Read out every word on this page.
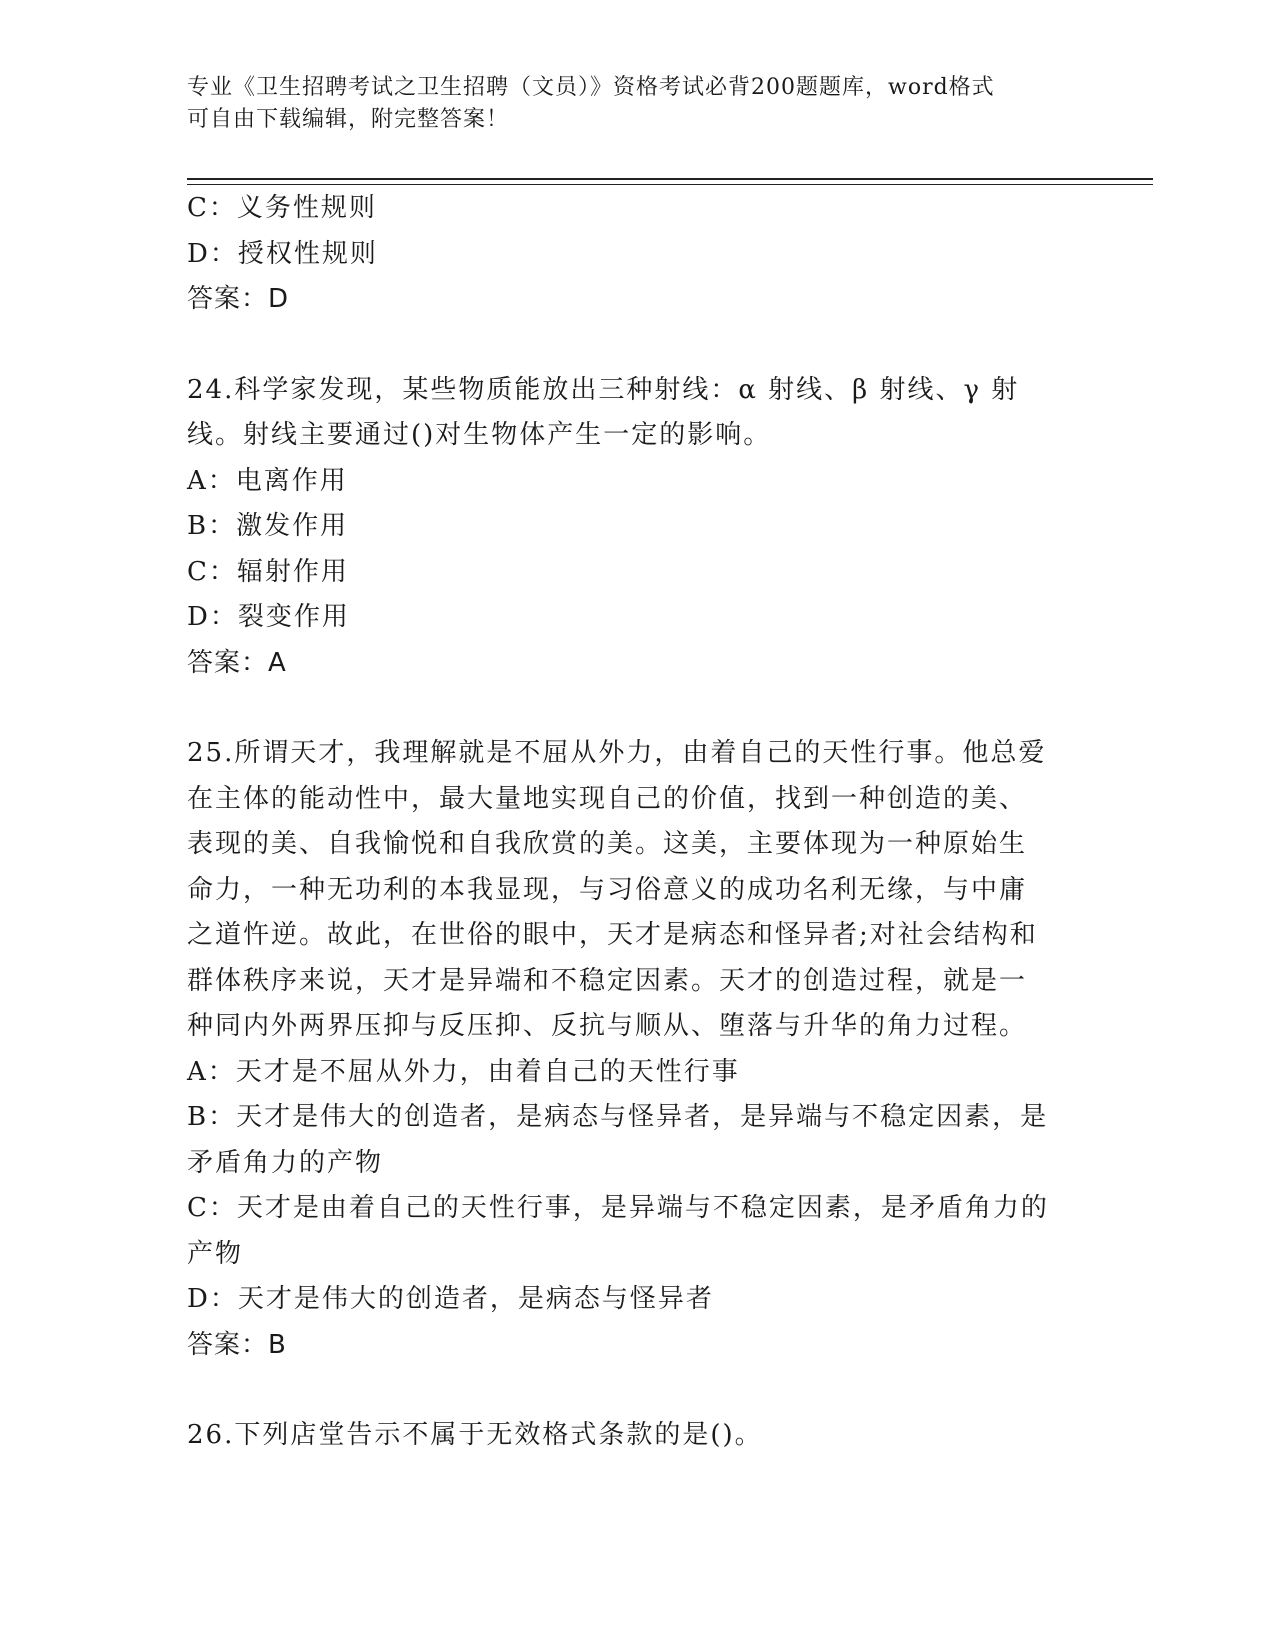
专业《卫生招聘考试之卫生招聘（文员）》资格考试必背200题题库，word格式
可自由下载编辑，附完整答案！

C：义务性规则

D：授权性规则

答案：D

24.科学家发现，某些物质能放出三种射线：α 射线、β 射线、γ 射

线。射线主要通过()对生物体产生一定的影响。

A：电离作用

B：激发作用

C：辐射作用

D：裂变作用

答案：A

25.所谓天才，我理解就是不屈从外力，由着自己的天性行事。他总爱

在主体的能动性中，最大量地实现自己的价值，找到一种创造的美、

表现的美、自我愉悦和自我欣赏的美。这美，主要体现为一种原始生

命力，一种无功利的本我显现，与习俗意义的成功名利无缘，与中庸

之道忤逆。故此，在世俗的眼中，天才是病态和怪异者;对社会结构和

群体秩序来说，天才是异端和不稳定因素。天才的创造过程，就是一

种同内外两界压抑与反压抑、反抗与顺从、堕落与升华的角力过程。

A：天才是不屈从外力，由着自己的天性行事

B：天才是伟大的创造者，是病态与怪异者，是异端与不稳定因素，是

矛盾角力的产物

C：天才是由着自己的天性行事，是异端与不稳定因素，是矛盾角力的

产物

D：天才是伟大的创造者，是病态与怪异者

答案：B

26.下列店堂告示不属于无效格式条款的是()。
